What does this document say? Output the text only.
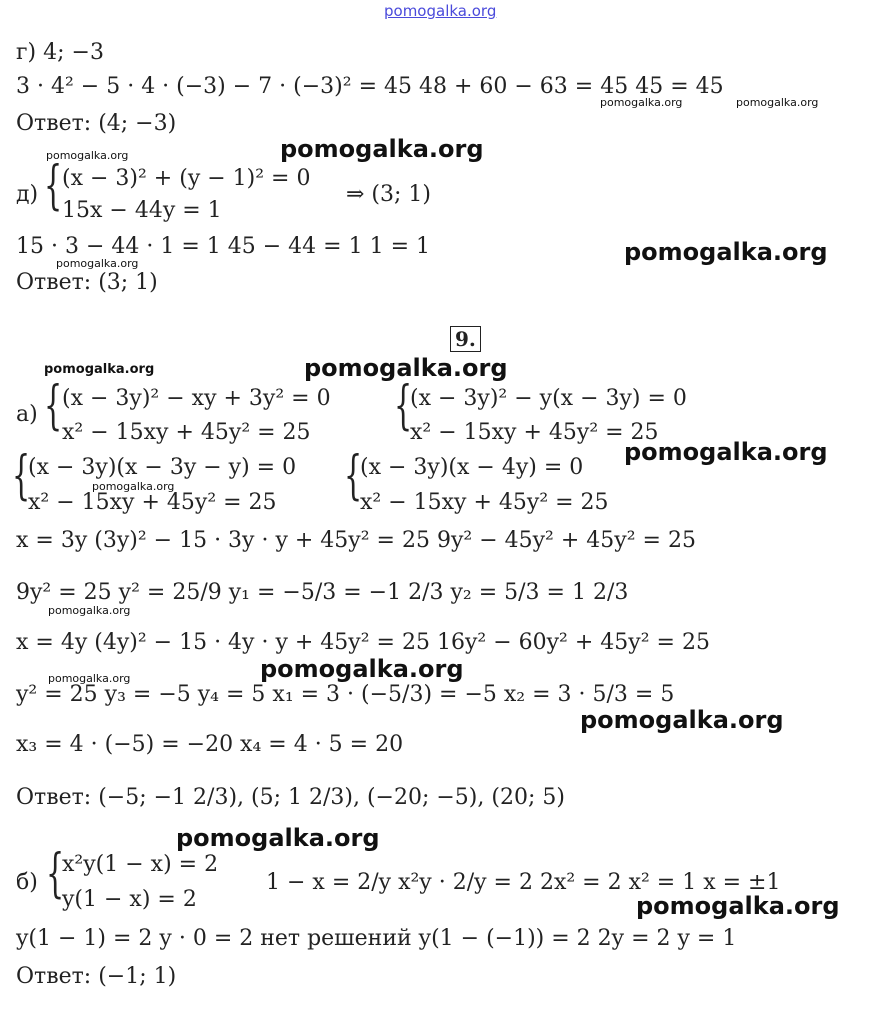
pomogalka.org
г) 4; −3
3 · 4² − 5 · 4 · (−3) − 7 · (−3)² = 45 48 + 60 − 63 = 45 45 = 45
Ответ: (4; −3)
д) { (x − 3)² + (y − 1)² = 0
15x − 44y = 1
⇒ (3; 1)
15 · 3 − 44 · 1 = 1 45 − 44 = 1 1 = 1
Ответ: (3; 1)
9.
а) { (x − 3y)² − xy + 3y² = 0
x² − 15xy + 45y² = 25 {
(x − 3y)² − y(x − 3y) = 0
x² − 15xy + 45y² = 25
{
(x − 3y)(x − 3y − y) = 0
x² − 15xy + 45y² = 25 {
(x − 3y)(x − 4y) = 0
x² − 15xy + 45y² = 25
x = 3y (3y)² − 15 · 3y · y + 45y² = 25 9y² − 45y² + 45y² = 25
9y² = 25 y² = 25/9 y₁ = −5/3 = −1 2/3 y₂ = 5/3 = 1 2/3
x = 4y (4y)² − 15 · 4y · y + 45y² = 25 16y² − 60y² + 45y² = 25
y² = 25 y₃ = −5 y₄ = 5 x₁ = 3 · (−5/3) = −5 x₂ = 3 · 5/3 = 5
x₃ = 4 · (−5) = −20 x₄ = 4 · 5 = 20
Ответ: (−5; −1 2/3), (5; 1 2/3), (−20; −5), (20; 5)
б) {
x²y(1 − x) = 2
y(1 − x) = 2
1 − x = 2/y x²y · 2/y = 2 2x² = 2 x² = 1 x = ±1
y(1 − 1) = 2 y · 0 = 2 нет решений y(1 − (−1)) = 2 2y = 2 y = 1
Ответ: (−1; 1)
pomogalka.org	pomogalka.org
pomogalka.org	pomogalka.org
pomogalka.org
pomogalka.org
pomogalka.org	pomogalka.org
pomogalka.org
pomogalka.org
pomogalka.org
pomogalka.org	pomogalka.org
pomogalka.org
pomogalka.org
pomogalka.org
